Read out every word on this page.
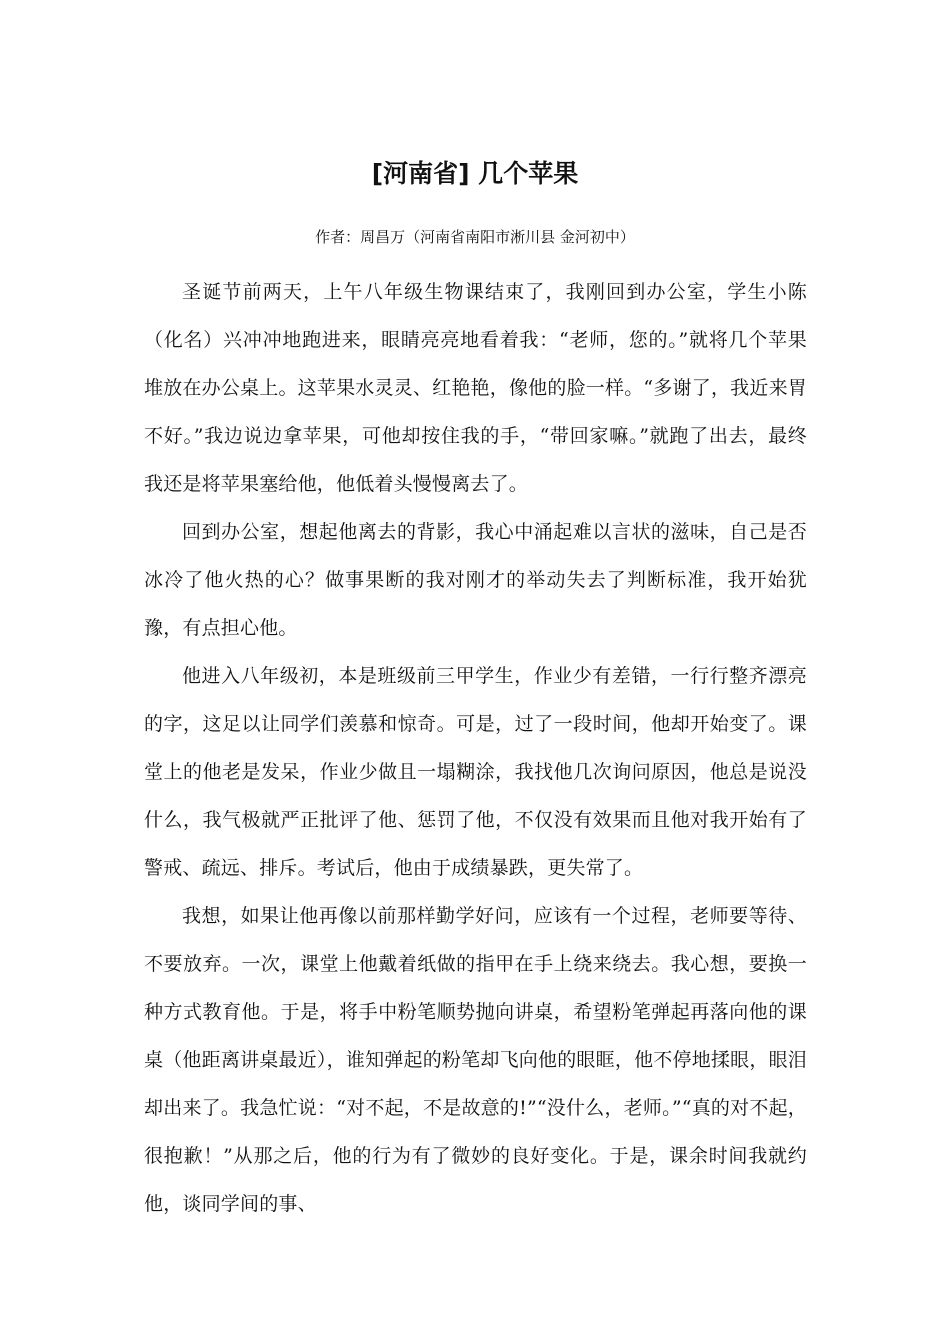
[河南省] 几个苹果
作者：周昌万（河南省南阳市淅川县 金河初中）

圣诞节前两天，上午八年级生物课结束了，我刚回到办公室，学生小陈（化名）兴冲冲地跑进来，眼睛亮亮地看着我：“老师，您的。”就将几个苹果堆放在办公桌上。这苹果水灵灵、红艳艳，像他的脸一样。“多谢了，我近来胃不好。”我边说边拿苹果，可他却按住我的手，“带回家嘛。”就跑了出去，最终我还是将苹果塞给他，他低着头慢慢离去了。

回到办公室，想起他离去的背影，我心中涌起难以言状的滋味，自己是否冰冷了他火热的心？做事果断的我对刚才的举动失去了判断标准，我开始犹豫，有点担心他。

他进入八年级初，本是班级前三甲学生，作业少有差错，一行行整齐漂亮的字，这足以让同学们羡慕和惊奇。可是，过了一段时间，他却开始变了。课堂上的他老是发呆，作业少做且一塌糊涂，我找他几次询问原因，他总是说没什么，我气极就严正批评了他、惩罚了他，不仅没有效果而且他对我开始有了警戒、疏远、排斥。考试后，他由于成绩暴跌，更失常了。

我想，如果让他再像以前那样勤学好问，应该有一个过程，老师要等待、不要放弃。一次，课堂上他戴着纸做的指甲在手上绕来绕去。我心想，要换一种方式教育他。于是，将手中粉笔顺势抛向讲桌，希望粉笔弹起再落向他的课桌（他距离讲桌最近），谁知弹起的粉笔却飞向他的眼眶，他不停地揉眼，眼泪却出来了。我急忙说：“对不起，不是故意的!”“没什么，老师。”“真的对不起，很抱歉！”从那之后，他的行为有了微妙的良好变化。于是，课余时间我就约他，谈同学间的事、
